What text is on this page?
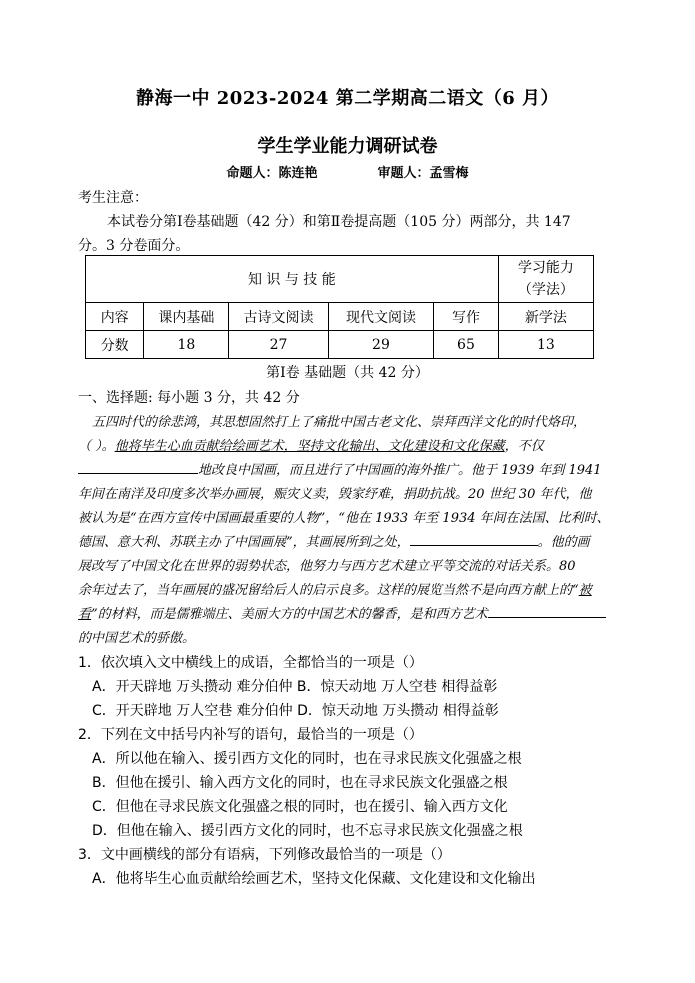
静海一中 2023-2024 第二学期高二语文（6 月）
学生学业能力调研试卷
命题人：陈连艳	审题人：孟雪梅
考生注意：
本试卷分第Ⅰ卷基础题（42 分）和第Ⅱ卷提高题（105 分）两部分，共 147
分。3 分卷面分。
知 识 与 技 能					学习能力
（学法）
内容	课内基础	古诗文阅读	现代文阅读	写作	新学法
分数	18	27	29	65	13
第Ⅰ卷 基础题（共 42 分）
一、选择题: 每小题 3 分，共 42 分
五四时代的徐悲鸿，其思想固然打上了痛批中国古老文化、崇拜西洋文化的时代烙印，
（ ）。他将毕生心血贡献给绘画艺术，坚持文化输出、文化建设和文化保藏，不仅
地改良中国画，而且进行了中国画的海外推广。他于 1939 年到 1941
年间在南洋及印度多次举办画展，赈灾义卖，毁家纾难，捐助抗战。20 世纪 30 年代，他
被认为是“在西方宣传中国画最重要的人物”，“他在 1933 年至 1934 年间在法国、比利时、
德国、意大利、苏联主办了中国画展”，其画展所到之处，	。他的画
展改写了中国文化在世界的弱势状态，他努力与西方艺术建立平等交流的对话关系。80
余年过去了，当年画展的盛况留给后人的启示良多。这样的展览当然不是向西方献上的“被
看”的材料，而是儒雅端庄、美丽大方的中国艺术的馨香，是和西方艺术
的中国艺术的骄傲。
1．依次填入文中横线上的成语，全都恰当的一项是（）
A．开天辟地 万头攒动 难分伯仲 B．惊天动地 万人空巷 相得益彰
C．开天辟地 万人空巷 难分伯仲 D．惊天动地 万头攒动 相得益彰
2．下列在文中括号内补写的语句，最恰当的一项是（）
A．所以他在输入、援引西方文化的同时，也在寻求民族文化强盛之根
B．但他在援引、输入西方文化的同时，也在寻求民族文化强盛之根
C．但他在寻求民族文化强盛之根的同时，也在援引、输入西方文化
D．但他在输入、援引西方文化的同时，也不忘寻求民族文化强盛之根
3．文中画横线的部分有语病，下列修改最恰当的一项是（）
A．他将毕生心血贡献给绘画艺术，坚持文化保藏、文化建设和文化输出
